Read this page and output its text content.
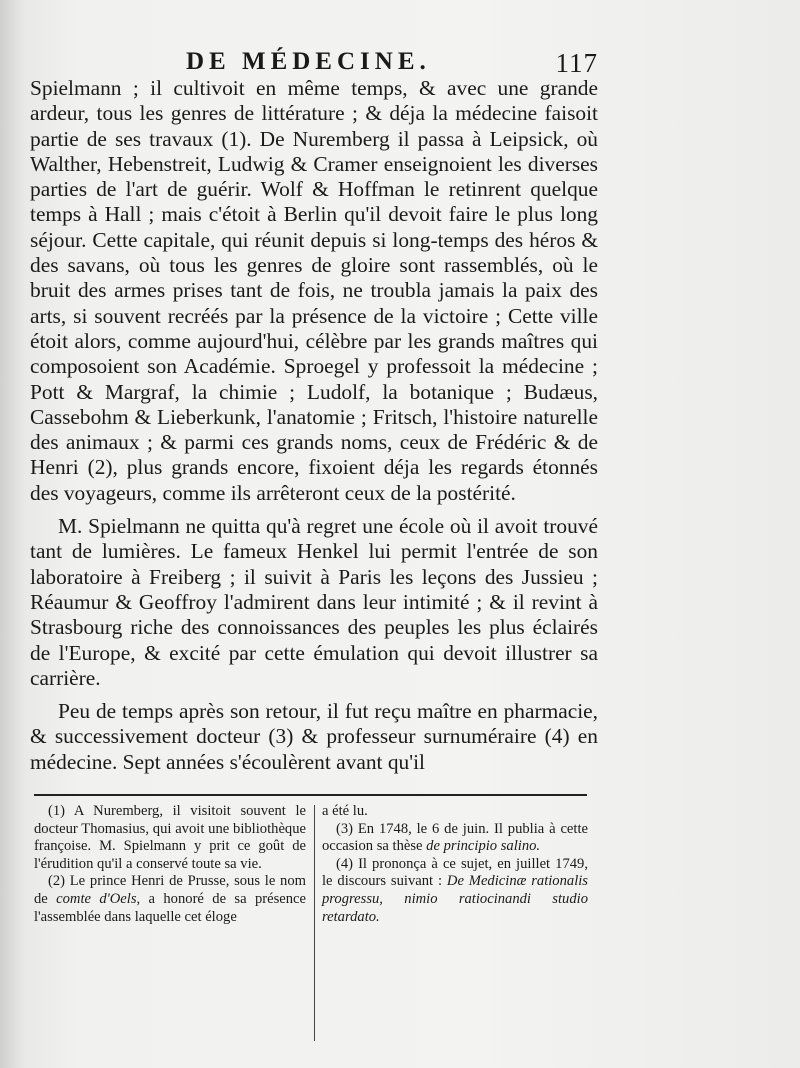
DE MÉDECINE.	117

Spielmann ; il cultivoit en même temps, & avec une grande ardeur, tous les genres de littérature ; & déja la médecine faisoit partie de ses travaux (1). De Nuremberg il passa à Leipsick, où Walther, Hebenstreit, Ludwig & Cramer enseignoient les diverses parties de l'art de guérir. Wolf & Hoffman le retinrent quelque temps à Hall ; mais c'étoit à Berlin qu'il devoit faire le plus long séjour. Cette capitale, qui réunit depuis si long-temps des héros & des savans, où tous les genres de gloire sont rassemblés, où le bruit des armes prises tant de fois, ne troubla jamais la paix des arts, si souvent recréés par la présence de la victoire ; Cette ville étoit alors, comme aujourd'hui, célèbre par les grands maîtres qui composoient son Académie. Sproegel y professoit la médecine ; Pott & Margraf, la chimie ; Ludolf, la botanique ; Budæus, Cassebohm & Lieberkunk, l'anatomie ; Fritsch, l'histoire naturelle des animaux ; & parmi ces grands noms, ceux de Frédéric & de Henri (2), plus grands encore, fixoient déja les regards étonnés des voyageurs, comme ils arrêteront ceux de la postérité.

M. Spielmann ne quitta qu'à regret une école où il avoit trouvé tant de lumières. Le fameux Henkel lui permit l'entrée de son laboratoire à Freiberg ; il suivit à Paris les leçons des Jussieu ; Réaumur & Geoffroy l'admirent dans leur intimité ; & il revint à Strasbourg riche des connoissances des peuples les plus éclairés de l'Europe, & excité par cette émulation qui devoit illustrer sa carrière.

Peu de temps après son retour, il fut reçu maître en pharmacie, & successivement docteur (3) & professeur surnuméraire (4) en médecine. Sept années s'écoulèrent avant qu'il

(1) A Nuremberg, il visitoit souvent le docteur Thomasius, qui avoit une bibliothèque françoise. M. Spielmann y prit ce goût de l'érudition qu'il a conservé toute sa vie.

(2) Le prince Henri de Prusse, sous le nom de comte d'Oels, a honoré de sa présence l'assemblée dans laquelle cet éloge

a été lu.

(3) En 1748, le 6 de juin. Il publia à cette occasion sa thèse de principio salino.

(4) Il prononça à ce sujet, en juillet 1749, le discours suivant : De Medicinæ rationalis progressu, nimio ratiocinandi studio retardato.
